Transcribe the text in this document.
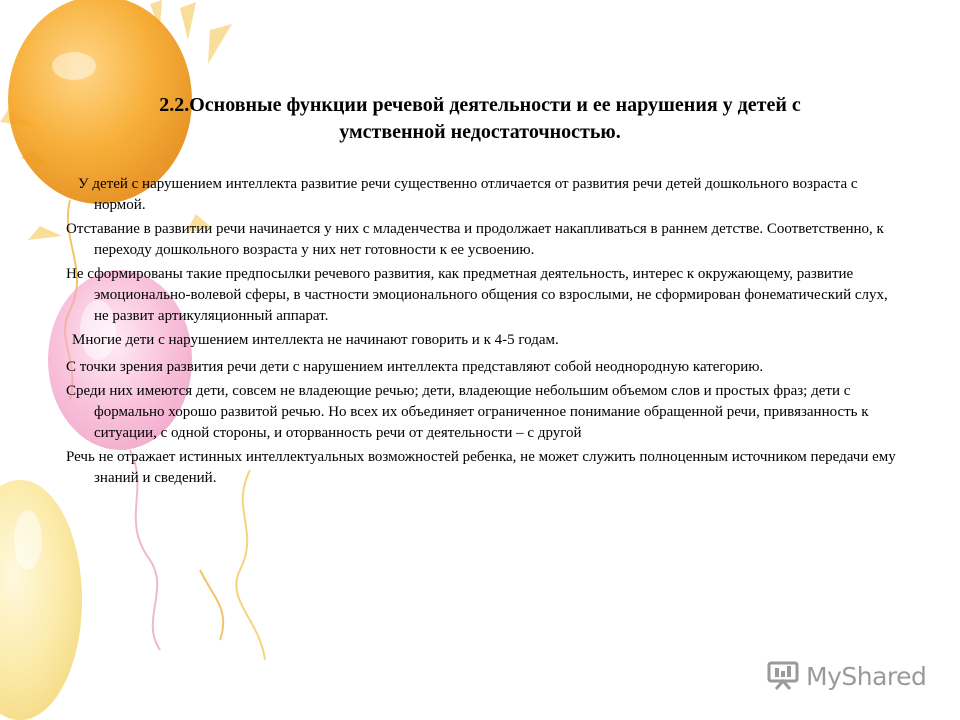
2.2.Основные функции речевой деятельности и ее нарушения у детей с
умственной недостаточностью.

У детей с нарушением интеллекта развитие речи существенно отличается от развития речи детей дошкольного возраста с нормой.

Отставание в развитии речи начинается у них с младенчества и продолжает накапливаться в раннем детстве. Соответственно, к переходу дошкольного возраста у них нет готовности к ее усвоению.

Не сформированы такие предпосылки речевого развития, как предметная деятельность, интерес к окружающему, развитие эмоционально-волевой сферы, в частности эмоционального общения со взрослыми, не сформирован фонематический слух, не развит артикуляционный аппарат.

Многие дети с нарушением интеллекта не начинают говорить и к 4-5 годам.

С точки зрения развития речи дети с нарушением интеллекта представляют собой неоднородную категорию.

Среди них имеются дети, совсем не владеющие речью; дети, владеющие небольшим объемом слов и простых фраз; дети с формально хорошо развитой речью. Но всех их объединяет ограниченное понимание обращенной речи, привязанность к ситуации, с одной стороны, и оторванность речи от деятельности – с другой

Речь не отражает истинных интеллектуальных возможностей ребенка, не может служить полноценным источником передачи ему знаний и сведений.

MyShared
